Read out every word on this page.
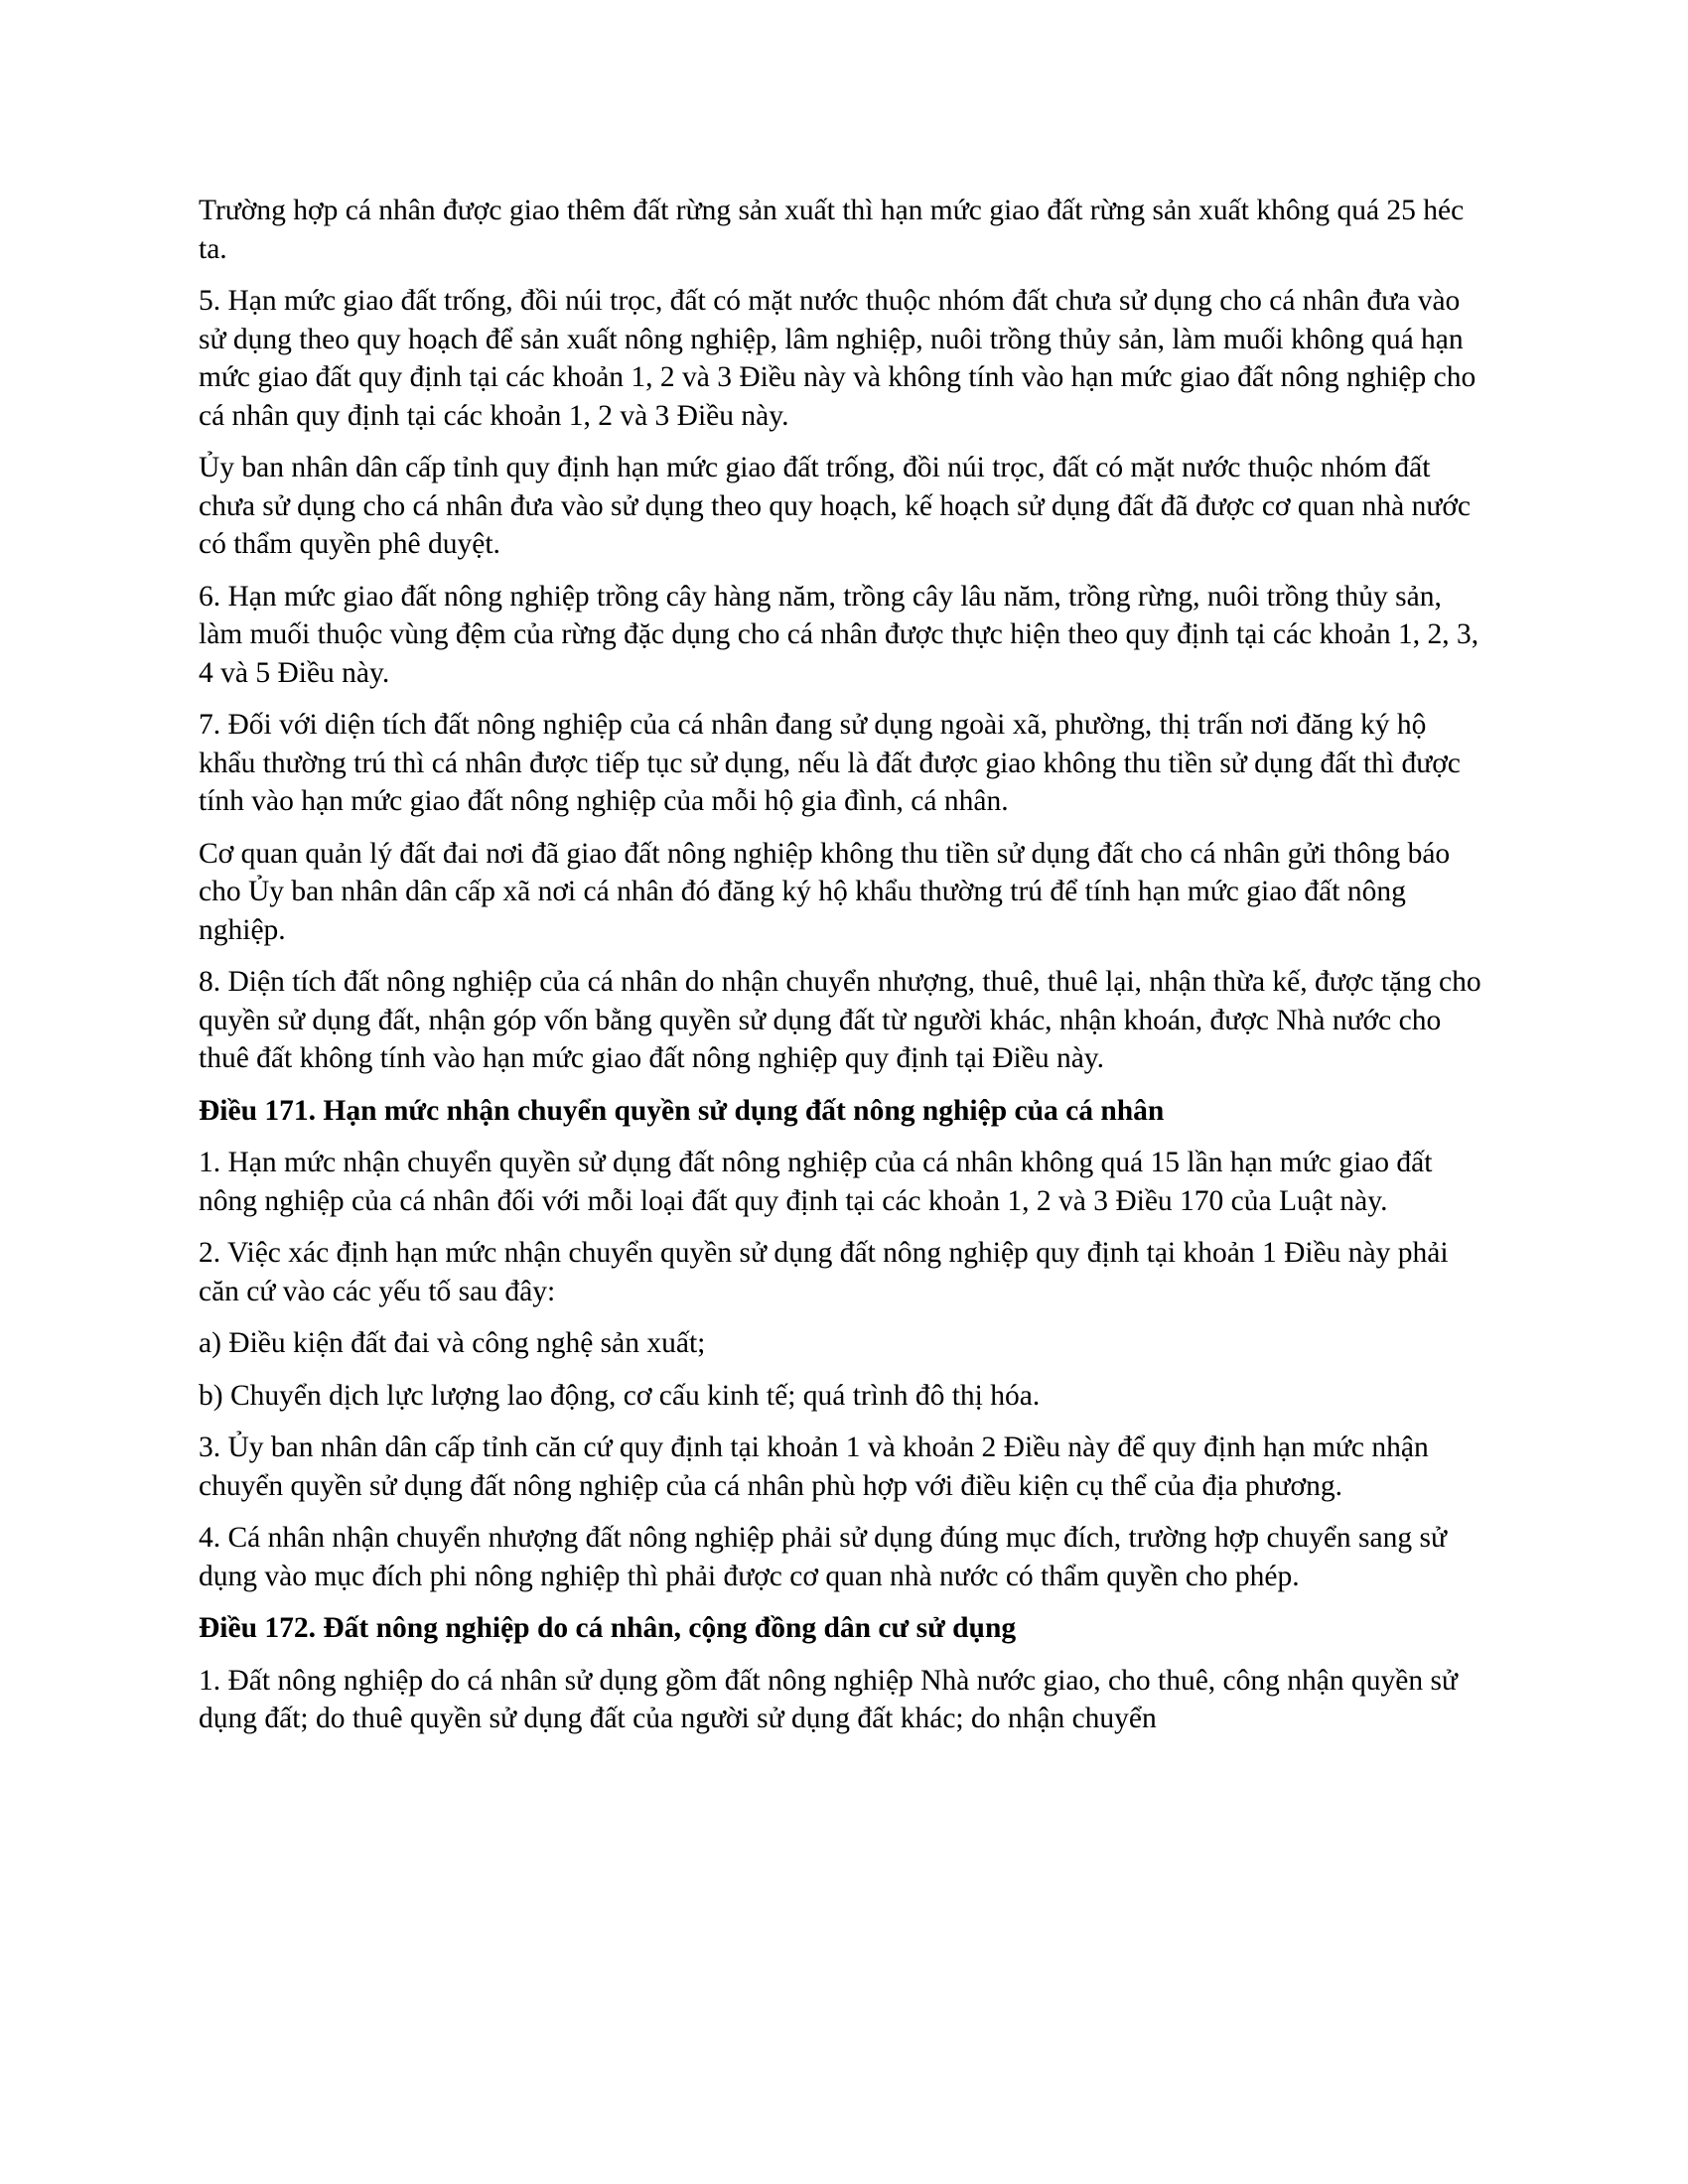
Trường hợp cá nhân được giao thêm đất rừng sản xuất thì hạn mức giao đất rừng sản xuất không quá 25 héc ta.

5. Hạn mức giao đất trống, đồi núi trọc, đất có mặt nước thuộc nhóm đất chưa sử dụng cho cá nhân đưa vào sử dụng theo quy hoạch để sản xuất nông nghiệp, lâm nghiệp, nuôi trồng thủy sản, làm muối không quá hạn mức giao đất quy định tại các khoản 1, 2 và 3 Điều này và không tính vào hạn mức giao đất nông nghiệp cho cá nhân quy định tại các khoản 1, 2 và 3 Điều này.

Ủy ban nhân dân cấp tỉnh quy định hạn mức giao đất trống, đồi núi trọc, đất có mặt nước thuộc nhóm đất chưa sử dụng cho cá nhân đưa vào sử dụng theo quy hoạch, kế hoạch sử dụng đất đã được cơ quan nhà nước có thẩm quyền phê duyệt.

6. Hạn mức giao đất nông nghiệp trồng cây hàng năm, trồng cây lâu năm, trồng rừng, nuôi trồng thủy sản, làm muối thuộc vùng đệm của rừng đặc dụng cho cá nhân được thực hiện theo quy định tại các khoản 1, 2, 3, 4 và 5 Điều này.

7. Đối với diện tích đất nông nghiệp của cá nhân đang sử dụng ngoài xã, phường, thị trấn nơi đăng ký hộ khẩu thường trú thì cá nhân được tiếp tục sử dụng, nếu là đất được giao không thu tiền sử dụng đất thì được tính vào hạn mức giao đất nông nghiệp của mỗi hộ gia đình, cá nhân.

Cơ quan quản lý đất đai nơi đã giao đất nông nghiệp không thu tiền sử dụng đất cho cá nhân gửi thông báo cho Ủy ban nhân dân cấp xã nơi cá nhân đó đăng ký hộ khẩu thường trú để tính hạn mức giao đất nông nghiệp.

8. Diện tích đất nông nghiệp của cá nhân do nhận chuyển nhượng, thuê, thuê lại, nhận thừa kế, được tặng cho quyền sử dụng đất, nhận góp vốn bằng quyền sử dụng đất từ người khác, nhận khoán, được Nhà nước cho thuê đất không tính vào hạn mức giao đất nông nghiệp quy định tại Điều này.

Điều 171. Hạn mức nhận chuyển quyền sử dụng đất nông nghiệp của cá nhân

1. Hạn mức nhận chuyển quyền sử dụng đất nông nghiệp của cá nhân không quá 15 lần hạn mức giao đất nông nghiệp của cá nhân đối với mỗi loại đất quy định tại các khoản 1, 2 và 3 Điều 170 của Luật này.

2. Việc xác định hạn mức nhận chuyển quyền sử dụng đất nông nghiệp quy định tại khoản 1 Điều này phải căn cứ vào các yếu tố sau đây:

a) Điều kiện đất đai và công nghệ sản xuất;

b) Chuyển dịch lực lượng lao động, cơ cấu kinh tế; quá trình đô thị hóa.

3. Ủy ban nhân dân cấp tỉnh căn cứ quy định tại khoản 1 và khoản 2 Điều này để quy định hạn mức nhận chuyển quyền sử dụng đất nông nghiệp của cá nhân phù hợp với điều kiện cụ thể của địa phương.

4. Cá nhân nhận chuyển nhượng đất nông nghiệp phải sử dụng đúng mục đích, trường hợp chuyển sang sử dụng vào mục đích phi nông nghiệp thì phải được cơ quan nhà nước có thẩm quyền cho phép.

Điều 172. Đất nông nghiệp do cá nhân, cộng đồng dân cư sử dụng

1. Đất nông nghiệp do cá nhân sử dụng gồm đất nông nghiệp Nhà nước giao, cho thuê, công nhận quyền sử dụng đất; do thuê quyền sử dụng đất của người sử dụng đất khác; do nhận chuyển
